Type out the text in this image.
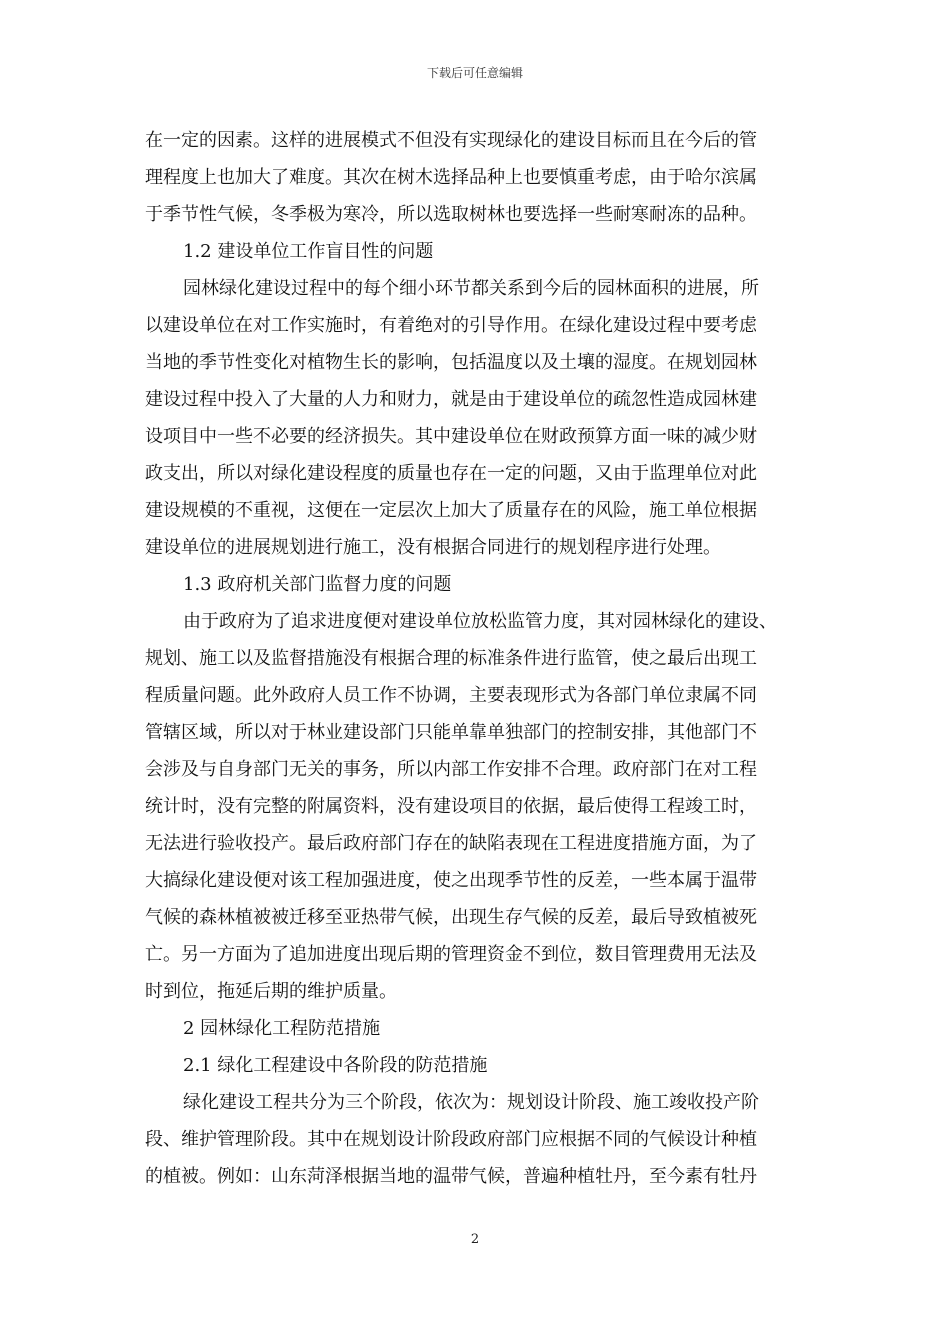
下载后可任意编辑
在一定的因素。这样的进展模式不但没有实现绿化的建设目标而且在今后的管
理程度上也加大了难度。其次在树木选择品种上也要慎重考虑，由于哈尔滨属
于季节性气候，冬季极为寒冷，所以选取树林也要选择一些耐寒耐冻的品种。
1.2 建设单位工作盲目性的问题
园林绿化建设过程中的每个细小环节都关系到今后的园林面积的进展，所
以建设单位在对工作实施时，有着绝对的引导作用。在绿化建设过程中要考虑
当地的季节性变化对植物生长的影响，包括温度以及土壤的湿度。在规划园林
建设过程中投入了大量的人力和财力，就是由于建设单位的疏忽性造成园林建
设项目中一些不必要的经济损失。其中建设单位在财政预算方面一味的减少财
政支出，所以对绿化建设程度的质量也存在一定的问题，又由于监理单位对此
建设规模的不重视，这便在一定层次上加大了质量存在的风险，施工单位根据
建设单位的进展规划进行施工，没有根据合同进行的规划程序进行处理。
1.3 政府机关部门监督力度的问题
由于政府为了追求进度便对建设单位放松监管力度，其对园林绿化的建设、
规划、施工以及监督措施没有根据合理的标准条件进行监管，使之最后出现工
程质量问题。此外政府人员工作不协调，主要表现形式为各部门单位隶属不同
管辖区域，所以对于林业建设部门只能单靠单独部门的控制安排，其他部门不
会涉及与自身部门无关的事务，所以内部工作安排不合理。政府部门在对工程
统计时，没有完整的附属资料，没有建设项目的依据，最后使得工程竣工时，
无法进行验收投产。最后政府部门存在的缺陷表现在工程进度措施方面，为了
大搞绿化建设便对该工程加强进度，使之出现季节性的反差，一些本属于温带
气候的森林植被被迁移至亚热带气候，出现生存气候的反差，最后导致植被死
亡。另一方面为了追加进度出现后期的管理资金不到位，数目管理费用无法及
时到位，拖延后期的维护质量。
2 园林绿化工程防范措施
2.1 绿化工程建设中各阶段的防范措施
绿化建设工程共分为三个阶段，依次为：规划设计阶段、施工竣收投产阶
段、维护管理阶段。其中在规划设计阶段政府部门应根据不同的气候设计种植
的植被。例如：山东菏泽根据当地的温带气候，普遍种植牡丹，至今素有牡丹
2
